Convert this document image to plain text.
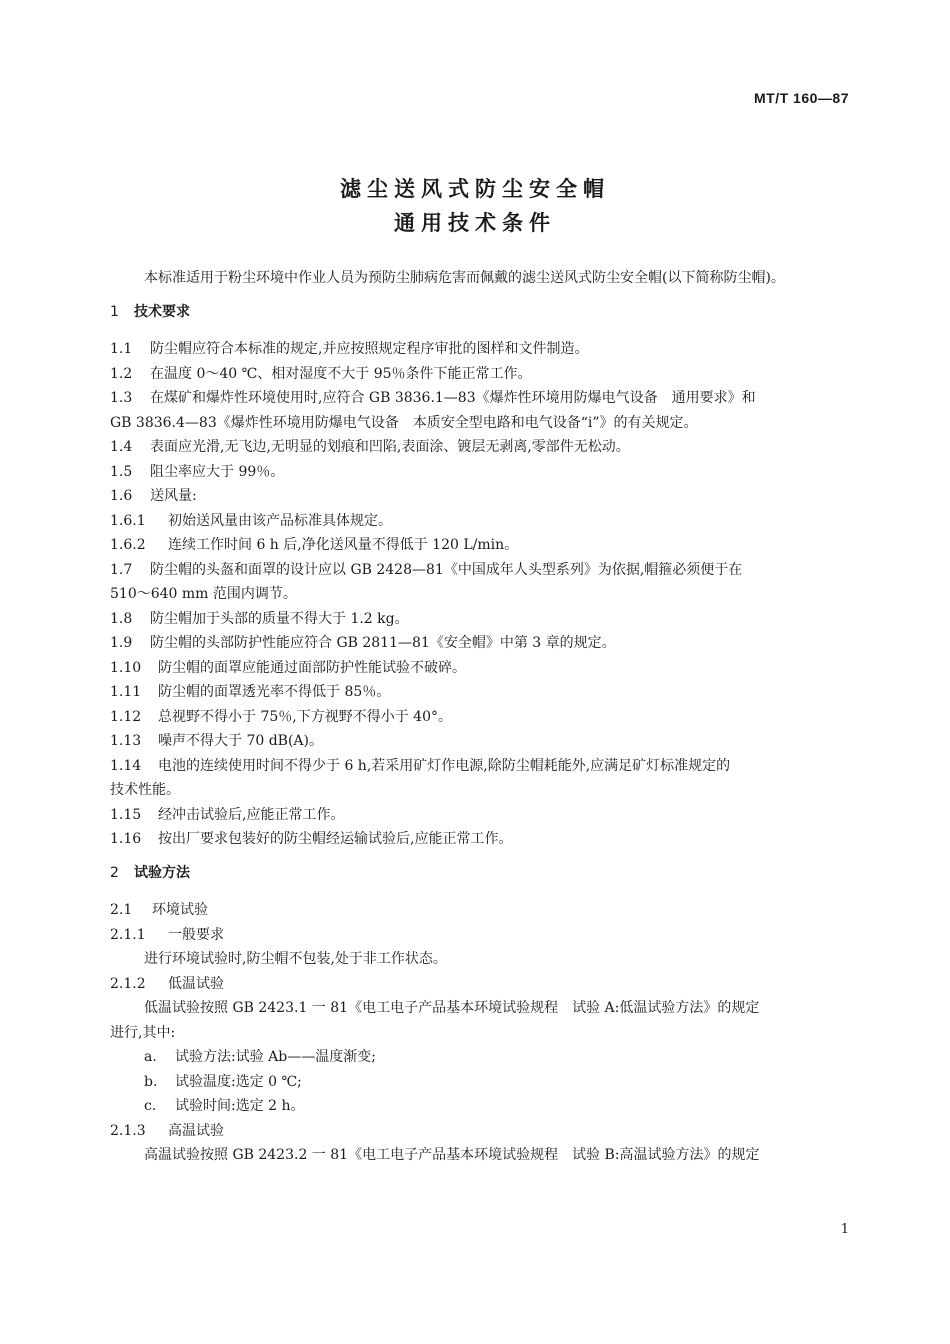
MT/T 160—87
滤尘送风式防尘安全帽
通用技术条件
本标准适用于粉尘环境中作业人员为预防尘肺病危害而佩戴的滤尘送风式防尘安全帽(以下简称防尘帽)。
1 技术要求
1.1 防尘帽应符合本标准的规定,并应按照规定程序审批的图样和文件制造。
1.2 在温度 0～40 ℃、相对湿度不大于 95％条件下能正常工作。
1.3 在煤矿和爆炸性环境使用时,应符合 GB 3836.1—83《爆炸性环境用防爆电气设备　通用要求》和
GB 3836.4—83《爆炸性环境用防爆电气设备　本质安全型电路和电气设备“i”》的有关规定。
1.4 表面应光滑,无飞边,无明显的划痕和凹陷,表面涂、镀层无剥离,零部件无松动。
1.5 阻尘率应大于 99％。
1.6 送风量:
1.6.1 初始送风量由该产品标准具体规定。
1.6.2 连续工作时间 6 h 后,净化送风量不得低于 120 L/min。
1.7 防尘帽的头盔和面罩的设计应以 GB 2428—81《中国成年人头型系列》为依据,帽箍必须便于在
510～640 mm 范围内调节。
1.8 防尘帽加于头部的质量不得大于 1.2 kg。
1.9 防尘帽的头部防护性能应符合 GB 2811—81《安全帽》中第 3 章的规定。
1.10 防尘帽的面罩应能通过面部防护性能试验不破碎。
1.11 防尘帽的面罩透光率不得低于 85％。
1.12 总视野不得小于 75％,下方视野不得小于 40°。
1.13 噪声不得大于 70 dB(A)。
1.14 电池的连续使用时间不得少于 6 h,若采用矿灯作电源,除防尘帽耗能外,应满足矿灯标准规定的
技术性能。
1.15 经冲击试验后,应能正常工作。
1.16 按出厂要求包装好的防尘帽经运输试验后,应能正常工作。
2 试验方法
2.1 环境试验
2.1.1 一般要求
进行环境试验时,防尘帽不包装,处于非工作状态。
2.1.2 低温试验
低温试验按照 GB 2423.1 一 81《电工电子产品基本环境试验规程　试验 A:低温试验方法》的规定
进行,其中:
a. 试验方法:试验 Ab——温度渐变;
b. 试验温度:选定 0 ℃;
c. 试验时间:选定 2 h。
2.1.3 高温试验
高温试验按照 GB 2423.2 一 81《电工电子产品基本环境试验规程　试验 B:高温试验方法》的规定
1
